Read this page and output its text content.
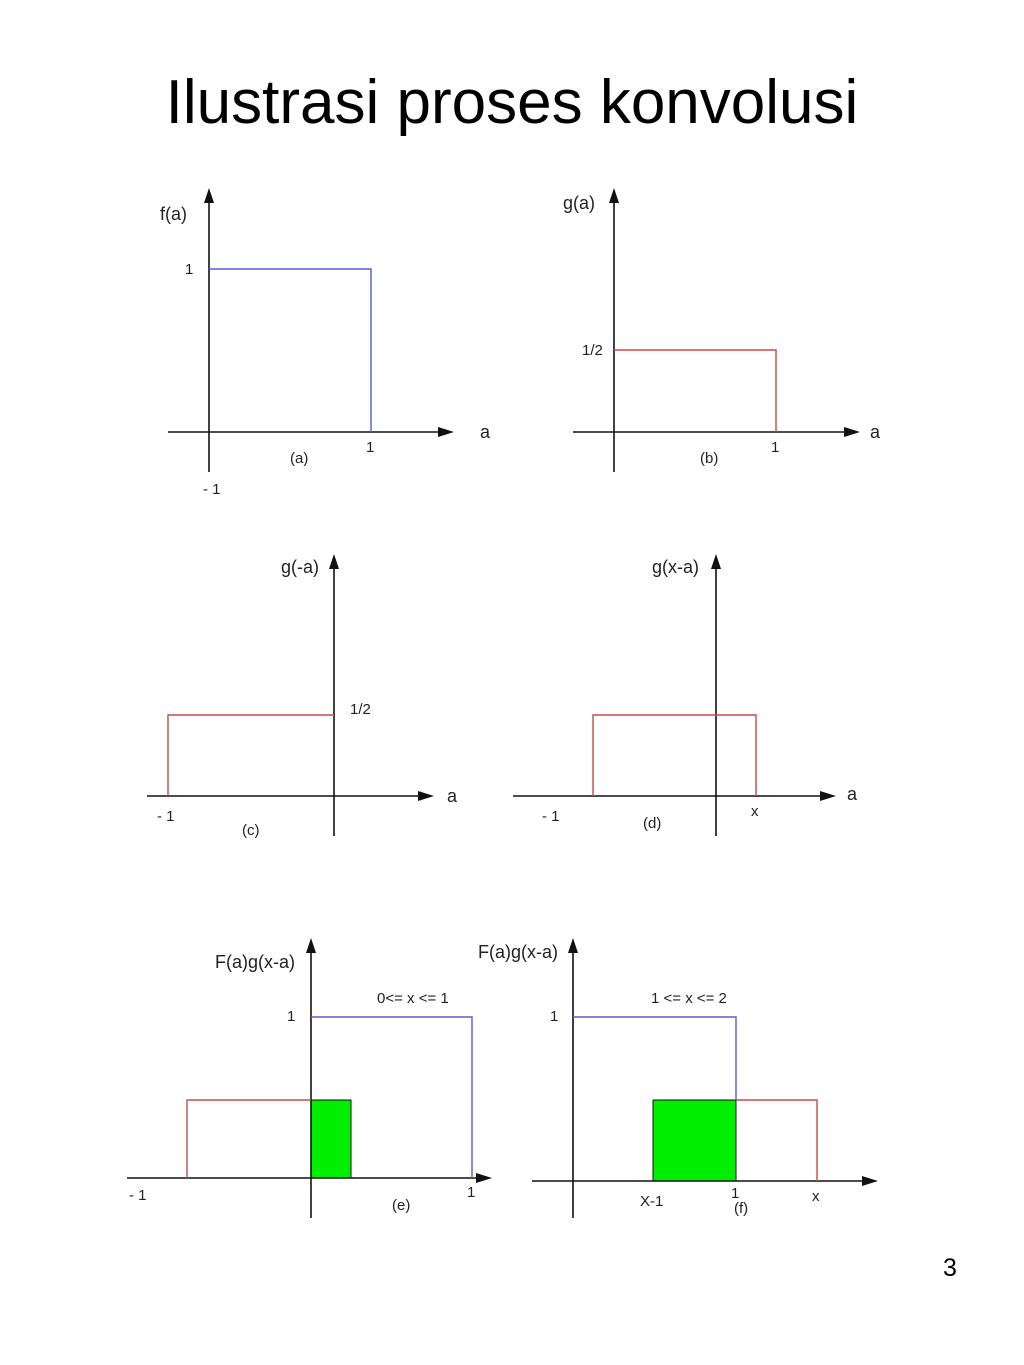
Ilustrasi proses konvolusi
f(a)
1
1
a
(a)
- 1
g(a)
1/2
1
a
(b)
g(-a)
1/2
- 1
a
(c)
g(x-a)
- 1	x
a
(d)
F(a)g(x-a)
0<= x <= 1
1
- 1	1
(e)
F(a)g(x-a)
1 <= x <= 2
1
X-1	1	x
(f)
3
